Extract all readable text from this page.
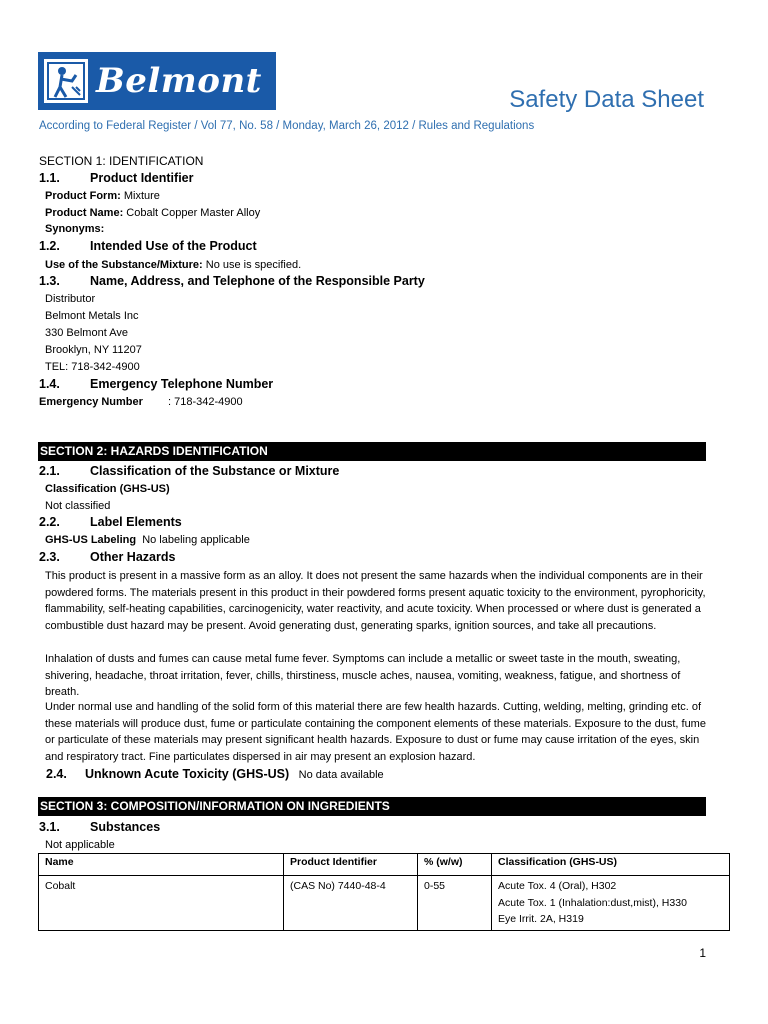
Belmont	Safety Data Sheet
According to Federal Register / Vol 77, No. 58 / Monday, March 26, 2012 / Rules and Regulations
SECTION 1: IDENTIFICATION
1.1. Product Identifier
Product Form: Mixture
Product Name: Cobalt Copper Master Alloy
Synonyms:
1.2. Intended Use of the Product
Use of the Substance/Mixture: No use is specified.
1.3. Name, Address, and Telephone of the Responsible Party
Distributor
Belmont Metals Inc
330 Belmont Ave
Brooklyn, NY 11207
TEL: 718-342-4900
1.4. Emergency Telephone Number
Emergency Number : 718-342-4900
SECTION 2: HAZARDS IDENTIFICATION
2.1. Classification of the Substance or Mixture
Classification (GHS-US)
Not classified
2.2. Label Elements
GHS-US Labeling No labeling applicable
2.3. Other Hazards
This product is present in a massive form as an alloy. It does not present the same hazards when the individual components are in their powdered forms. The materials present in this product in their powdered forms present aquatic toxicity to the environment, pyrophoricity, flammability, self-heating capabilities, carcinogenicity, water reactivity, and acute toxicity. When processed or where dust is generated a combustible dust hazard may be present. Avoid generating dust, generating sparks, ignition sources, and take all precautions.
Inhalation of dusts and fumes can cause metal fume fever. Symptoms can include a metallic or sweet taste in the mouth, sweating, shivering, headache, throat irritation, fever, chills, thirstiness, muscle aches, nausea, vomiting, weakness, fatigue, and shortness of breath.
Under normal use and handling of the solid form of this material there are few health hazards. Cutting, welding, melting, grinding etc. of these materials will produce dust, fume or particulate containing the component elements of these materials. Exposure to the dust, fume or particulate of these materials may present significant health hazards. Exposure to dust or fume may cause irritation of the eyes, skin and respiratory tract. Fine particulates dispersed in air may present an explosion hazard.
2.4. Unknown Acute Toxicity (GHS-US) No data available
SECTION 3: COMPOSITION/INFORMATION ON INGREDIENTS
3.1. Substances
Not applicable
Name	Product Identifier	% (w/w)	Classification (GHS-US)
Cobalt	(CAS No) 7440-48-4	0-55	Acute Tox. 4 (Oral), H302
Acute Tox. 1 (Inhalation:dust,mist), H330
Eye Irrit. 2A, H319
1
